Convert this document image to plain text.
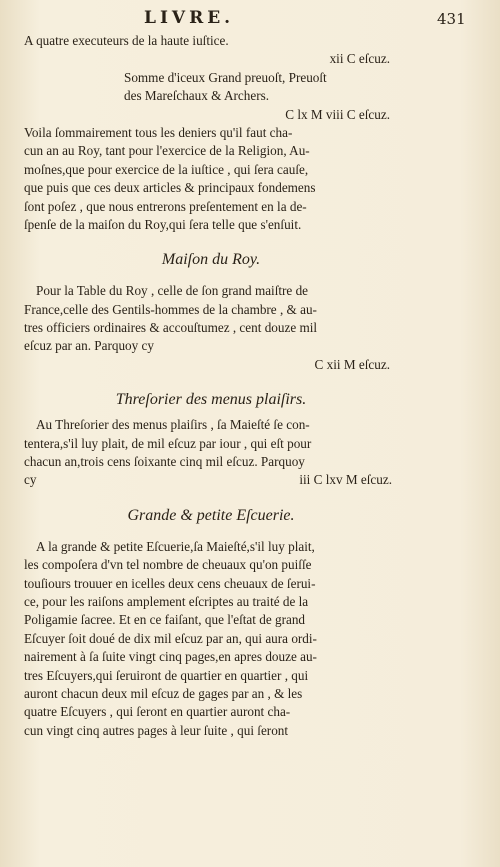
LIVRE.	431
A quatre executeurs de la haute iuſtice.
xii C eſcuz.
Somme d'iceux Grand preuoſt, Preuoſt
des Mareſchaux & Archers.
C lx M viii C eſcuz.
Voila ſommairement tous les deniers qu'il faut cha-
cun an au Roy, tant pour l'exercice de la Religion, Au-
moſnes,que pour exercice de la iuſtice , qui ſera cauſe,
que puis que ces deux articles & principaux fondemens
ſont poſez , que nous entrerons preſentement en la de-
ſpenſe de la maiſon du Roy,qui ſera telle que s'enſuit.
Maiſon du Roy.
Pour la Table du Roy , celle de ſon grand maiſtre de
France,celle des Gentils-hommes de la chambre , & au-
tres officiers ordinaires & accouſtumez , cent douze mil
eſcuz par an. Parquoy cy
C xii M eſcuz.
Threſorier des menus plaiſirs.
Au Threſorier des menus plaiſirs , ſa Maieſté ſe con-
tentera,s'il luy plait, de mil eſcuz par iour , qui eſt pour
chacun an,trois cens ſoixante cinq mil eſcuz. Parquoy
cy	iii C lxv M eſcuz.
Grande & petite Eſcuerie.
A la grande & petite Eſcuerie,ſa Maieſté,s'il luy plait,
les compoſera d'vn tel nombre de cheuaux qu'on puiſſe
touſiours trouuer en icelles deux cens cheuaux de ſerui-
ce, pour les raiſons amplement eſcriptes au traité de la
Poligamie ſacree. Et en ce faiſant, que l'eſtat de grand
Eſcuyer ſoit doué de dix mil eſcuz par an, qui aura ordi-
nairement à ſa ſuite vingt cinq pages,en apres douze au-
tres Eſcuyers,qui ſeruiront de quartier en quartier , qui
auront chacun deux mil eſcuz de gages par an , & les
quatre Eſcuyers , qui ſeront en quartier auront cha-
cun vingt cinq autres pages à leur ſuite , qui ſeront
